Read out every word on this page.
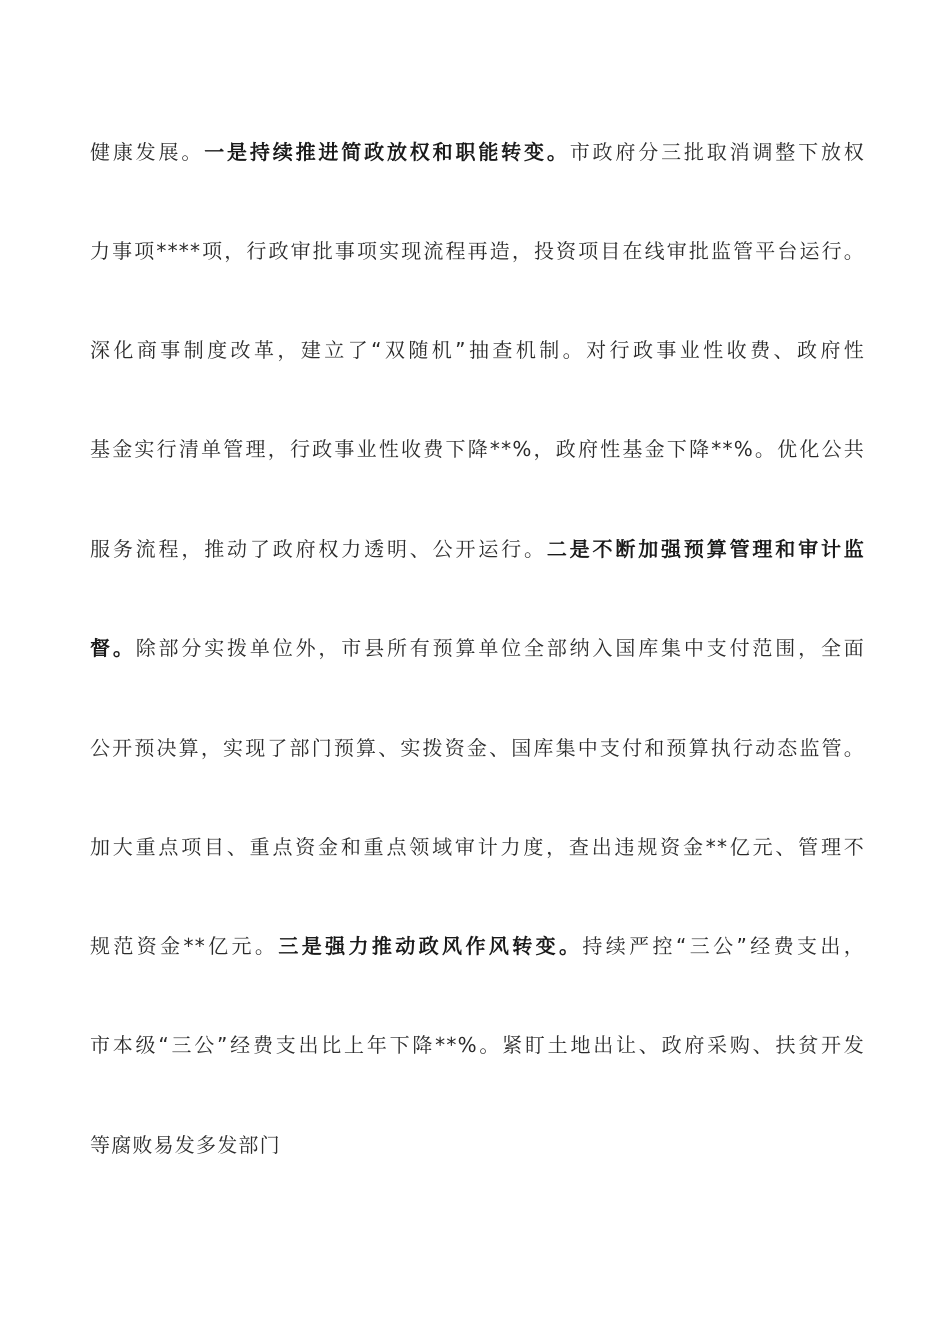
健康发展。一是持续推进简政放权和职能转变。市政府分三批取消调整下放权
力事项****项，行政审批事项实现流程再造，投资项目在线审批监管平台运行。
深化商事制度改革，建立了“双随机”抽查机制。对行政事业性收费、政府性
基金实行清单管理，行政事业性收费下降**%，政府性基金下降**%。优化公共
服务流程，推动了政府权力透明、公开运行。二是不断加强预算管理和审计监
督。除部分实拨单位外，市县所有预算单位全部纳入国库集中支付范围，全面
公开预决算，实现了部门预算、实拨资金、国库集中支付和预算执行动态监管。
加大重点项目、重点资金和重点领域审计力度，查出违规资金**亿元、管理不
规范资金**亿元。三是强力推动政风作风转变。持续严控“三公”经费支出，
市本级“三公”经费支出比上年下降**%。紧盯土地出让、政府采购、扶贫开发
等腐败易发多发部门
